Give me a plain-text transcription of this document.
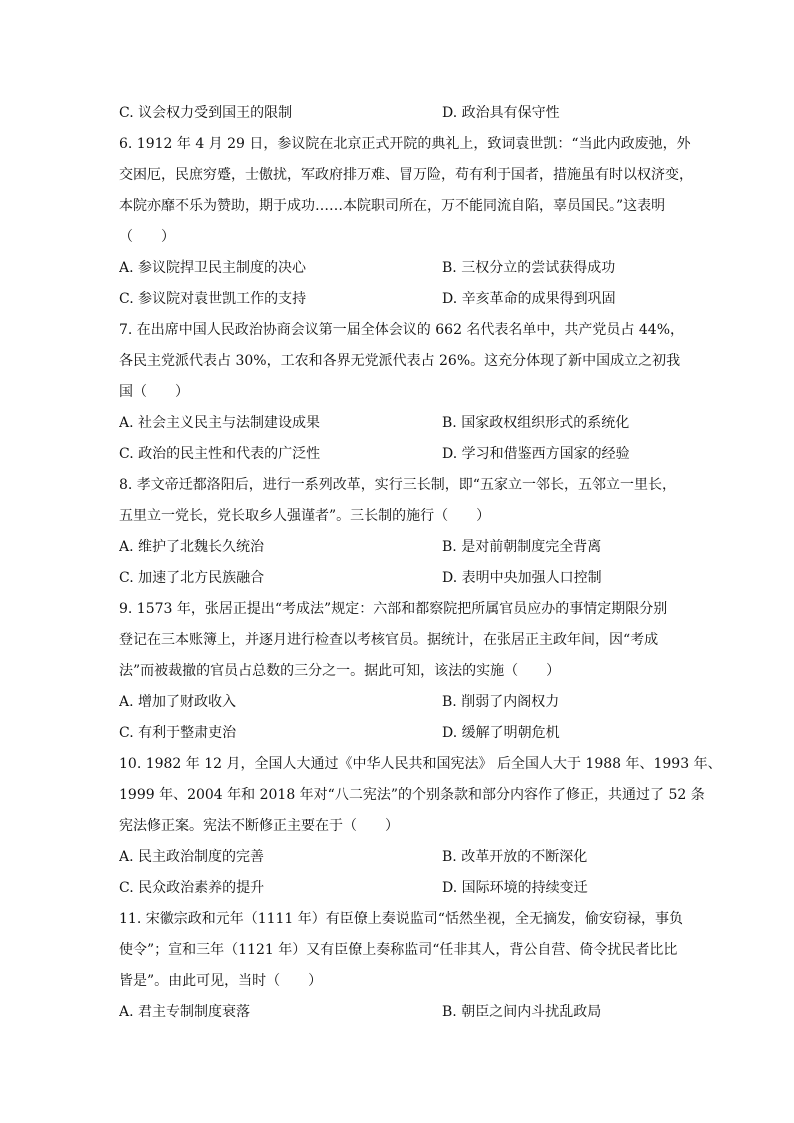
C. 议会权力受到国王的限制	D. 政治具有保守性
6. 1912 年 4 月 29 日，参议院在北京正式开院的典礼上，致词袁世凯：“当此内政废弛，外
交困厄，民庶穷蹙，士傲扰，军政府排万难、冒万险，苟有利于国者，措施虽有时以权济变，
本院亦靡不乐为赞助，期于成功……本院职司所在，万不能同流自陷，辜员国民。”这表明
（　　）
A. 参议院捍卫民主制度的决心	B. 三权分立的尝试获得成功
C. 参议院对袁世凯工作的支持	D. 辛亥革命的成果得到巩固
7. 在出席中国人民政治协商会议第一届全体会议的 662 名代表名单中，共产党员占 44%，
各民主党派代表占 30%，工农和各界无党派代表占 26%。这充分体现了新中国成立之初我
国（　　）
A. 社会主义民主与法制建设成果	B. 国家政权组织形式的系统化
C. 政治的民主性和代表的广泛性	D. 学习和借鉴西方国家的经验
8. 孝文帝迁都洛阳后，进行一系列改革，实行三长制，即“五家立一邻长，五邻立一里长，
五里立一党长，党长取乡人强谨者”。三长制的施行（　　）
A. 维护了北魏长久统治	B. 是对前朝制度完全背离
C. 加速了北方民族融合	D. 表明中央加强人口控制
9. 1573 年，张居正提出“考成法”规定：六部和都察院把所属官员应办的事情定期限分别
登记在三本账簿上，并逐月进行检查以考核官员。据统计，在张居正主政年间，因“考成
法”而被裁撤的官员占总数的三分之一。据此可知，该法的实施（　　）
A. 增加了财政收入	B. 削弱了内阁权力
C. 有利于整肃吏治	D. 缓解了明朝危机
10. 1982 年 12 月，全国人大通过《中华人民共和国宪法》 后全国人大于 1988 年、1993 年、
1999 年、2004 年和 2018 年对“八二宪法”的个别条款和部分内容作了修正，共通过了 52 条
宪法修正案。宪法不断修正主要在于（　　）
A. 民主政治制度的完善	B. 改革开放的不断深化
C. 民众政治素养的提升	D. 国际环境的持续变迁
11. 宋徽宗政和元年（1111 年）有臣僚上奏说监司“恬然坐视，全无摘发，偷安窃禄，事负
使令”；宣和三年（1121 年）又有臣僚上奏称监司“任非其人，背公自营、倚令扰民者比比
皆是”。由此可见，当时（　　）
A. 君主专制制度衰落	B. 朝臣之间内斗扰乱政局
